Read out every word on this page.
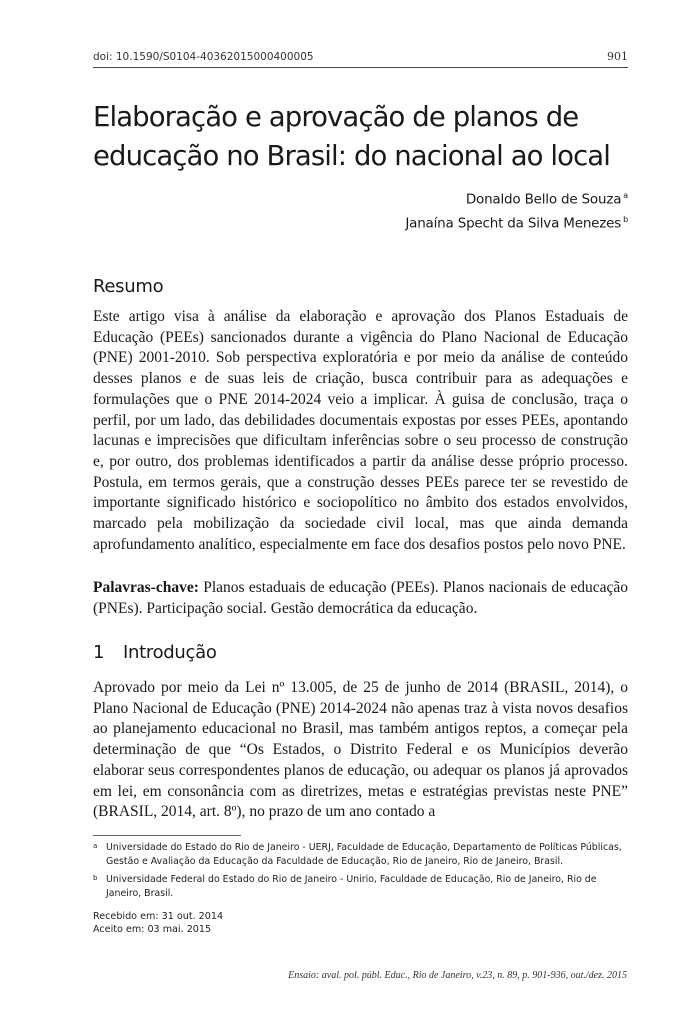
doi: 10.1590/S0104-40362015000400005	901
Elaboração e aprovação de planos de educação no Brasil: do nacional ao local
Donaldo Bello de Souza $^a$
Janaína Specht da Silva Menezes $^b$
Resumo

Este artigo visa à análise da elaboração e aprovação dos Planos Estaduais de Educação (PEEs) sancionados durante a vigência do Plano Nacional de Educação (PNE) 2001-2010. Sob perspectiva exploratória e por meio da análise de conteúdo desses planos e de suas leis de criação, busca contribuir para as adequações e formulações que o PNE 2014-2024 veio a implicar. À guisa de conclusão, traça o perfil, por um lado, das debilidades documentais expostas por esses PEEs, apontando lacunas e imprecisões que dificultam inferências sobre o seu processo de construção e, por outro, dos problemas identificados a partir da análise desse próprio processo. Postula, em termos gerais, que a construção desses PEEs parece ter se revestido de importante significado histórico e sociopolítico no âmbito dos estados envolvidos, marcado pela mobilização da sociedade civil local, mas que ainda demanda aprofundamento analítico, especialmente em face dos desafios postos pelo novo PNE.

Palavras-chave: Planos estaduais de educação (PEEs). Planos nacionais de educação (PNEs). Participação social. Gestão democrática da educação.

1 Introdução

Aprovado por meio da Lei nº 13.005, de 25 de junho de 2014 (BRASIL, 2014), o Plano Nacional de Educação (PNE) 2014-2024 não apenas traz à vista novos desafios ao planejamento educacional no Brasil, mas também antigos reptos, a começar pela determinação de que “Os Estados, o Distrito Federal e os Municípios deverão elaborar seus correspondentes planos de educação, ou adequar os planos já aprovados em lei, em consonância com as diretrizes, metas e estratégias previstas neste PNE” (BRASIL, 2014, art. 8º), no prazo de um ano contado a

a Universidade do Estado do Rio de Janeiro - UERJ, Faculdade de Educação, Departamento de Políticas Públicas, Gestão e Avaliação da Educação da Faculdade de Educação, Rio de Janeiro, Rio de Janeiro, Brasil.
b Universidade Federal do Estado do Rio de Janeiro - Unirio, Faculdade de Educação, Rio de Janeiro, Rio de Janeiro, Brasil.
Recebido em: 31 out. 2014
Aceito em: 03 mai. 2015
Ensaio: aval. pol. públ. Educ., Rio de Janeiro, v.23, n. 89, p. 901-936, out./dez. 2015
